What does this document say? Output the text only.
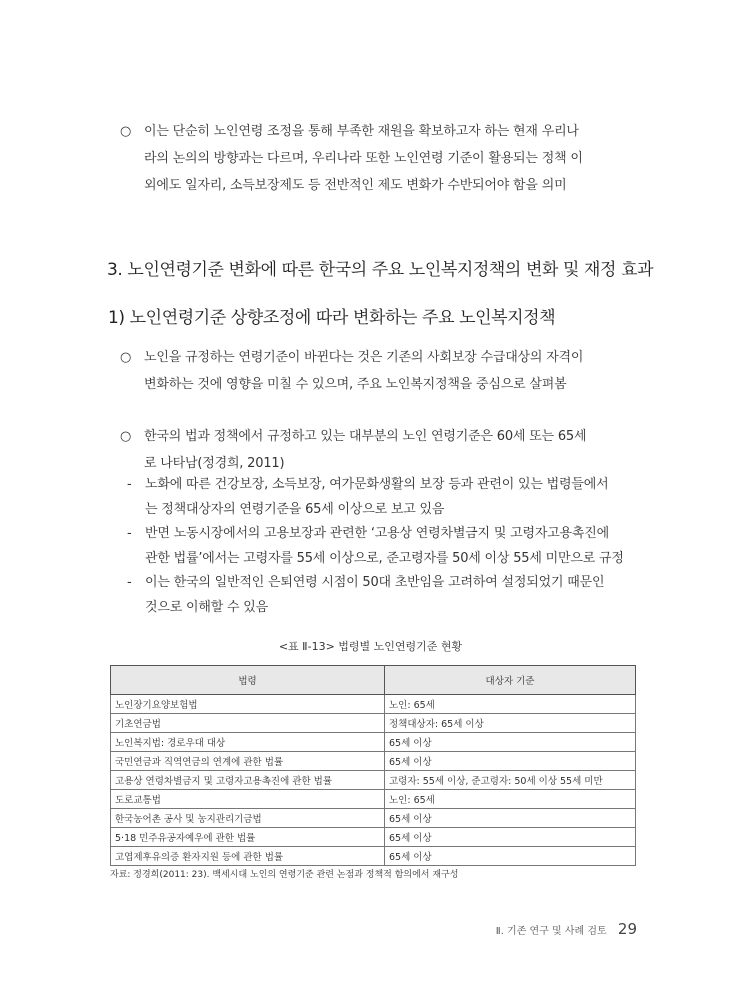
○ 이는 단순히 노인연령 조정을 통해 부족한 재원을 확보하고자 하는 현재 우리나
라의 논의의 방향과는 다르며, 우리나라 또한 노인연령 기준이 활용되는 정책 이
외에도 일자리, 소득보장제도 등 전반적인 제도 변화가 수반되어야 함을 의미
3. 노인연령기준 변화에 따른 한국의 주요 노인복지정책의 변화 및 재정 효과
1) 노인연령기준 상향조정에 따라 변화하는 주요 노인복지정책
○ 노인을 규정하는 연령기준이 바뀐다는 것은 기존의 사회보장 수급대상의 자격이
변화하는 것에 영향을 미칠 수 있으며, 주요 노인복지정책을 중심으로 살펴봄
○ 한국의 법과 정책에서 규정하고 있는 대부분의 노인 연령기준은 60세 또는 65세
로 나타남(정경희, 2011)
-	노화에 따른 건강보장, 소득보장, 여가문화생활의 보장 등과 관련이 있는 법령들에서
는 정책대상자의 연령기준을 65세 이상으로 보고 있음
-	반면 노동시장에서의 고용보장과 관련한 ‘고용상 연령차별금지 및 고령자고용촉진에
관한 법률’에서는 고령자를 55세 이상으로, 준고령자를 50세 이상 55세 미만으로 규정
-	이는 한국의 일반적인 은퇴연령 시점이 50대 초반임을 고려하여 설정되었기 때문인
것으로 이해할 수 있음
<표 Ⅱ-13> 법령별 노인연령기준 현황
법령	대상자 기준
노인장기요양보험법	노인: 65세
기초연금법	정책대상자: 65세 이상
노인복지법: 경로우대 대상	65세 이상
국민연금과 직역연금의 연계에 관한 법률	65세 이상
고용상 연령차별금지 및 고령자고용촉진에 관한 법률	고령자: 55세 이상, 준고령자: 50세 이상 55세 미만
도로교통법	노인: 65세
한국농어촌 공사 및 농지관리기금법	65세 이상
5·18 민주유공자예우에 관한 법률	65세 이상
고엽제후유의증 환자지원 등에 관한 법률	65세 이상
자료: 정경희(2011: 23). 백세시대 노인의 연령기준 관련 논점과 정책적 함의에서 재구성
Ⅱ. 기존 연구 및 사례 검토 29
